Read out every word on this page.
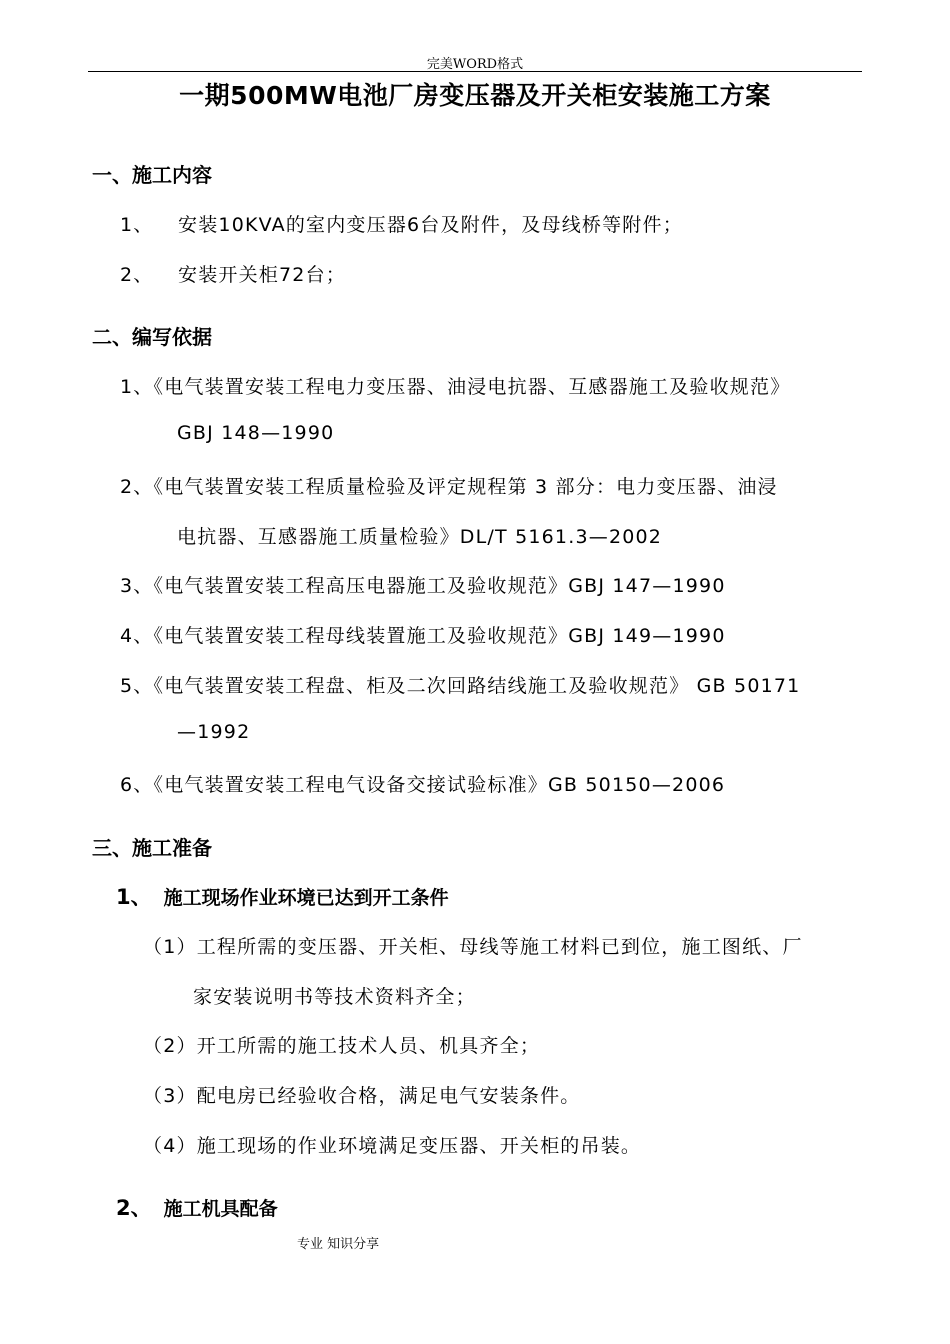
完美WORD格式
一期500MW电池厂房变压器及开关柜安装施工方案
一、施工内容
1、 安装10KVA的室内变压器6台及附件，及母线桥等附件；
2、 安装开关柜72台；
二、编写依据
1、《电气装置安装工程电力变压器、油浸电抗器、互感器施工及验收规范》
GBJ 148—1990
2、《电气装置安装工程质量检验及评定规程第 3 部分：电力变压器、油浸
电抗器、互感器施工质量检验》DL/T 5161.3—2002
3、《电气装置安装工程高压电器施工及验收规范》GBJ 147—1990
4、《电气装置安装工程母线装置施工及验收规范》GBJ 149—1990
5、《电气装置安装工程盘、柜及二次回路结线施工及验收规范》 GB 50171
—1992
6、《电气装置安装工程电气设备交接试验标准》GB 50150—2006
三、施工准备
1、 施工现场作业环境已达到开工条件
（1）工程所需的变压器、开关柜、母线等施工材料已到位，施工图纸、厂
家安装说明书等技术资料齐全；
（2）开工所需的施工技术人员、机具齐全；
（3）配电房已经验收合格，满足电气安装条件。
（4）施工现场的作业环境满足变压器、开关柜的吊装。
2、 施工机具配备
专业 知识分享
